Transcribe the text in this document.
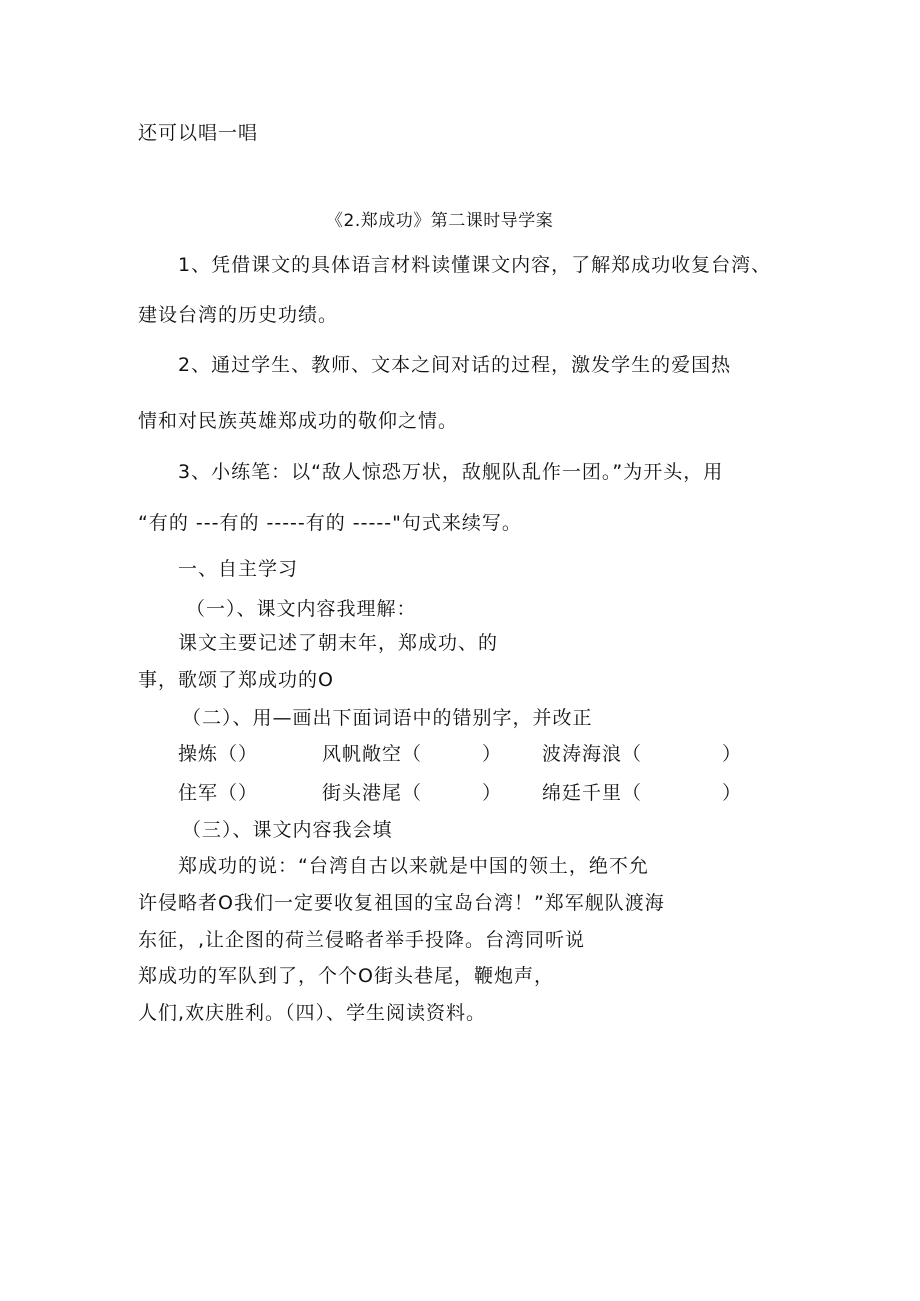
还可以唱一唱
《2.郑成功》第二课时导学案
1、凭借课文的具体语言材料读懂课文内容，了解郑成功收复台湾、
建设台湾的历史功绩。
2、通过学生、教师、文本之间对话的过程，激发学生的爱国热
情和对民族英雄郑成功的敬仰之情。
3、小练笔：以“敌人惊恐万状，敌舰队乱作一团。”为开头，用
“有的 ---有的 -----有的 -----"句式来续写。
一、自主学习
（一）、课文内容我理解：
课文主要记述了朝末年，郑成功、的
事，歌颂了郑成功的O
（二）、用—画出下面词语中的错别字，并改正
操炼（）	风帆敞空（　　　） 波涛海浪（　　　　）
住军（）	街头港尾（　　　） 绵廷千里（　　　　）
（三）、课文内容我会填
郑成功的说：“台湾自古以来就是中国的领土，绝不允
许侵略者O我们一定要收复祖国的宝岛台湾！”郑军舰队渡海
东征，,让企图的荷兰侵略者举手投降。台湾同听说
郑成功的军队到了，个个O街头巷尾，鞭炮声，
人们,欢庆胜利。（四）、学生阅读资料。
